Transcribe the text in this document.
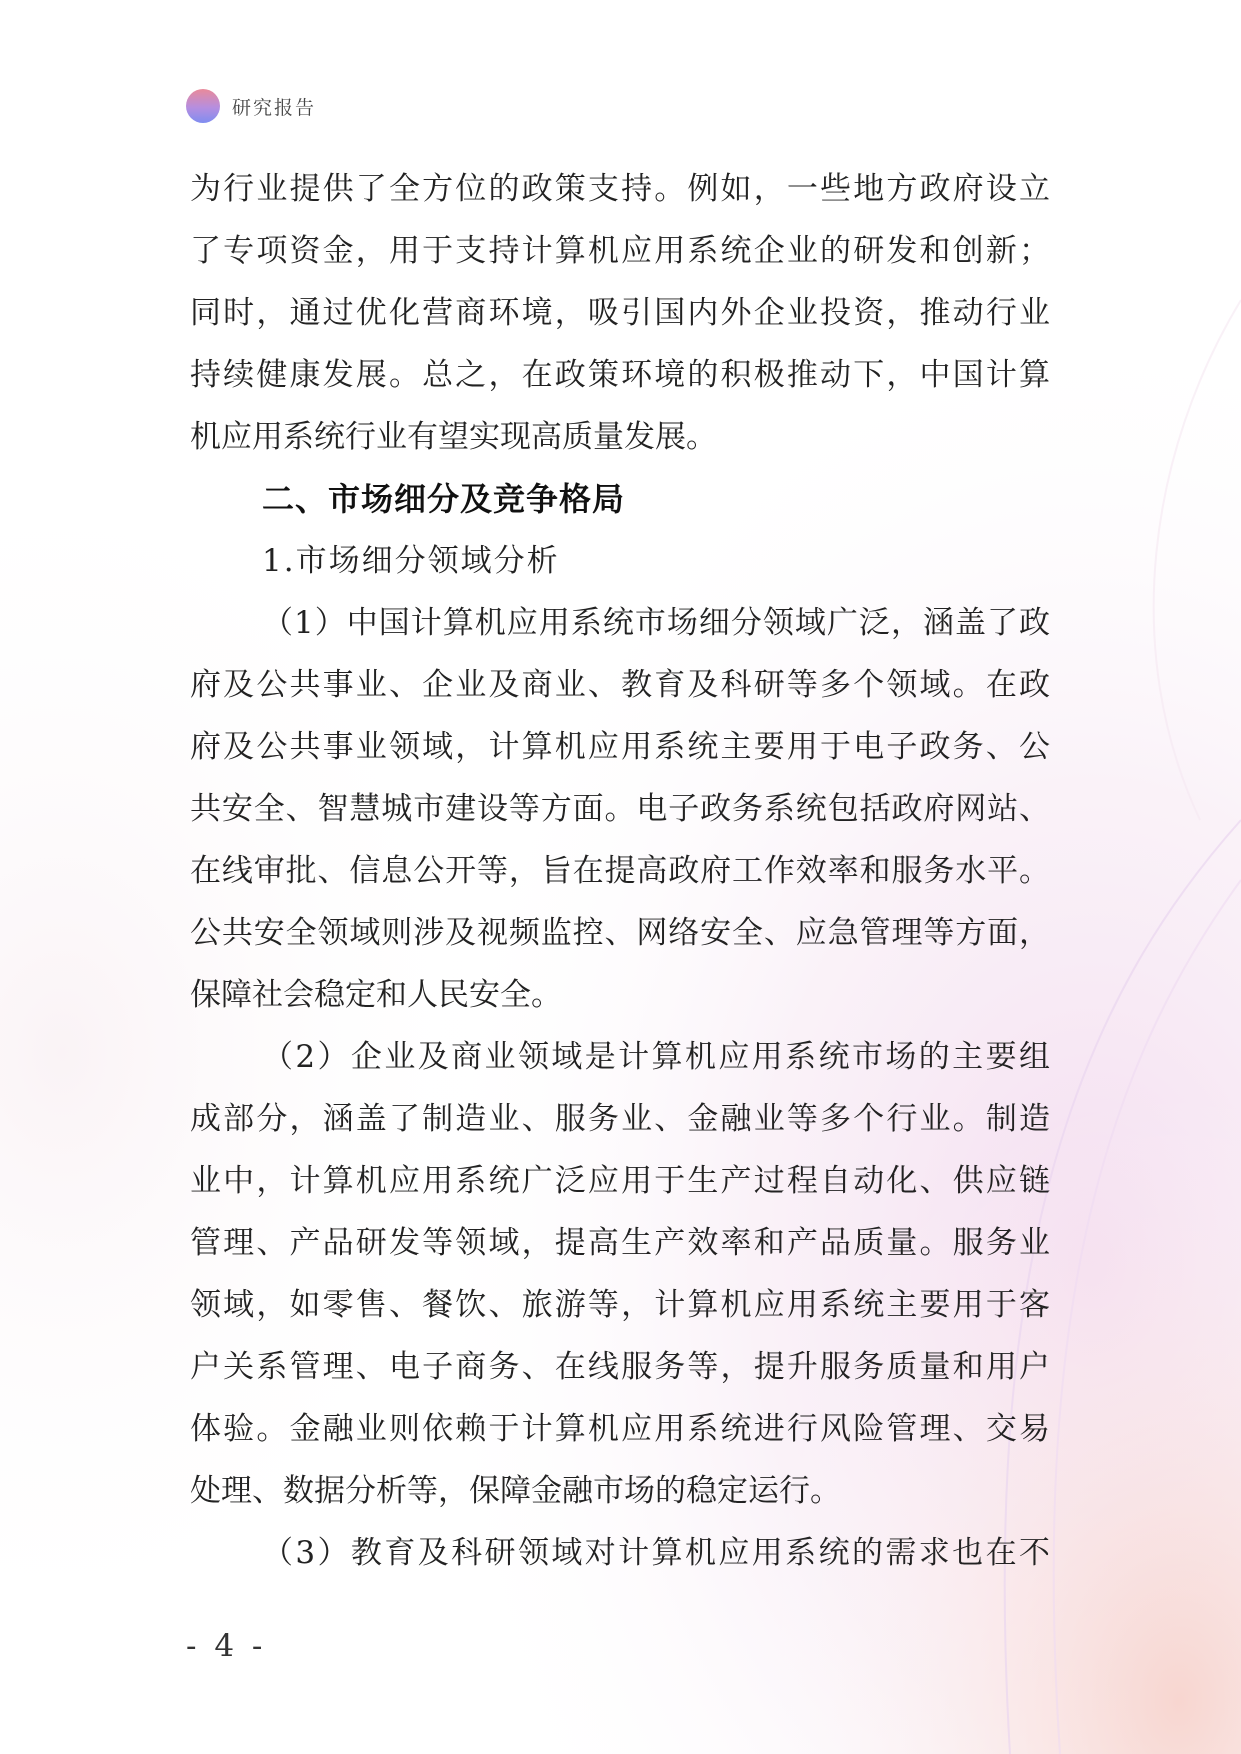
研究报告
为行业提供了全方位的政策支持。例如，一些地方政府设立
了专项资金，用于支持计算机应用系统企业的研发和创新；
同时，通过优化营商环境，吸引国内外企业投资，推动行业
持续健康发展。总之，在政策环境的积极推动下，中国计算
机应用系统行业有望实现高质量发展。
二、市场细分及竞争格局
1.市场细分领域分析
（1）中国计算机应用系统市场细分领域广泛，涵盖了政
府及公共事业、企业及商业、教育及科研等多个领域。在政
府及公共事业领域，计算机应用系统主要用于电子政务、公
共安全、智慧城市建设等方面。电子政务系统包括政府网站、
在线审批、信息公开等，旨在提高政府工作效率和服务水平。
公共安全领域则涉及视频监控、网络安全、应急管理等方面，
保障社会稳定和人民安全。
（2）企业及商业领域是计算机应用系统市场的主要组
成部分，涵盖了制造业、服务业、金融业等多个行业。制造
业中，计算机应用系统广泛应用于生产过程自动化、供应链
管理、产品研发等领域，提高生产效率和产品质量。服务业
领域，如零售、餐饮、旅游等，计算机应用系统主要用于客
户关系管理、电子商务、在线服务等，提升服务质量和用户
体验。金融业则依赖于计算机应用系统进行风险管理、交易
处理、数据分析等，保障金融市场的稳定运行。
（3）教育及科研领域对计算机应用系统的需求也在不
- 4 -
